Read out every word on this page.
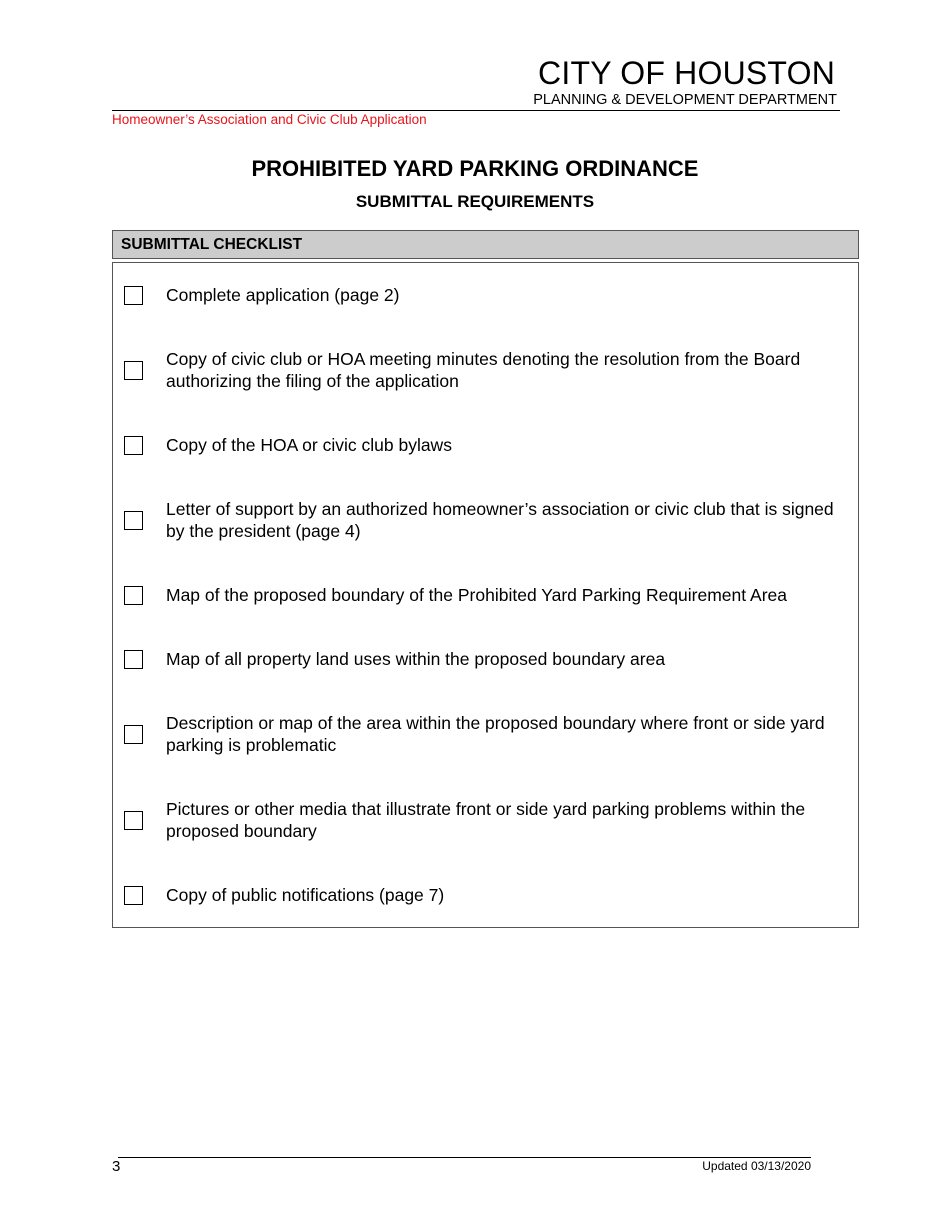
CITY OF HOUSTON
PLANNING & DEVELOPMENT DEPARTMENT
Homeowner’s Association and Civic Club Application
PROHIBITED YARD PARKING ORDINANCE
SUBMITTAL REQUIREMENTS
SUBMITTAL CHECKLIST
Complete application (page 2)
Copy of civic club or HOA meeting minutes denoting the resolution from the Board authorizing the filing of the application
Copy of the HOA or civic club bylaws
Letter of support by an authorized homeowner’s association or civic club that is signed by the president (page 4)
Map of the proposed boundary of the Prohibited Yard Parking Requirement Area
Map of all property land uses within the proposed boundary area
Description or map of the area within the proposed boundary where front or side yard parking is problematic
Pictures or other media that illustrate front or side yard parking problems within the proposed boundary
Copy of public notifications (page 7)
3	Updated 03/13/2020
